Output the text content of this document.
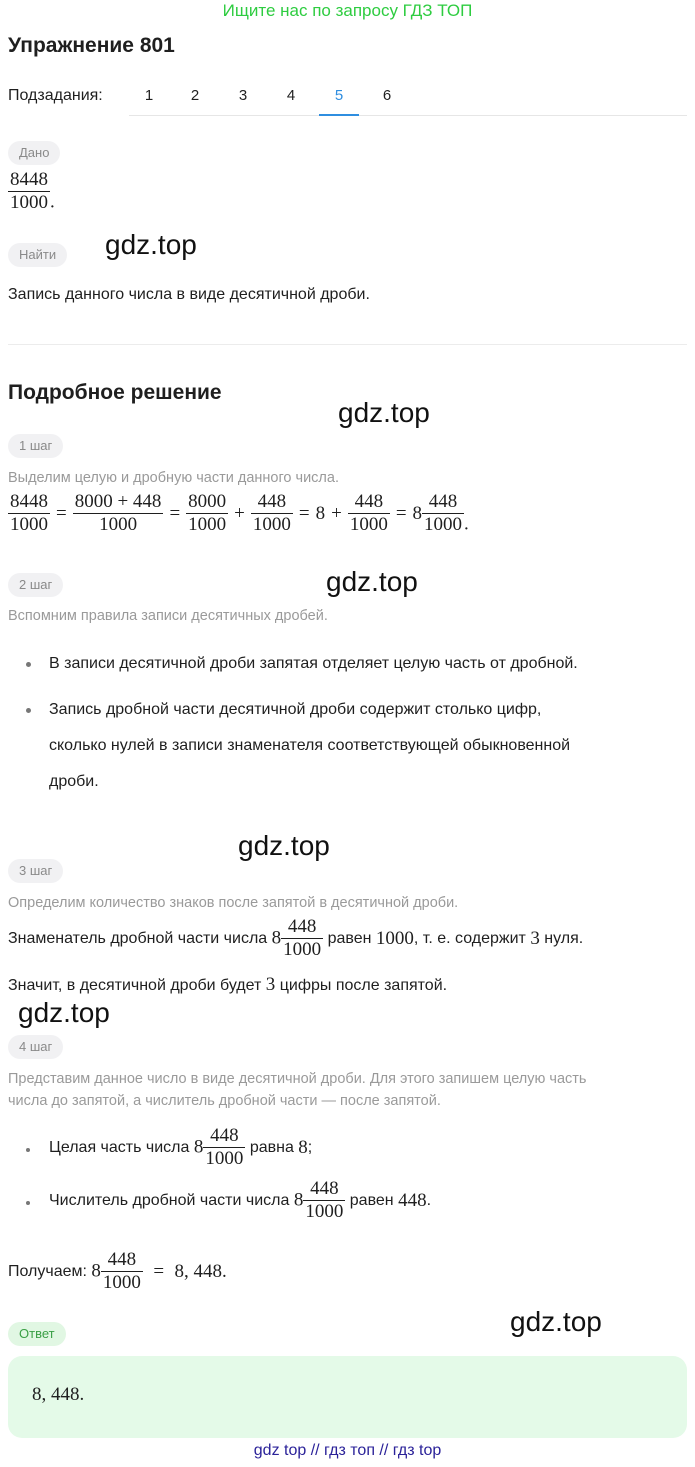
Ищите нас по запросу ГДЗ ТОП
Упражнение 801
Подзадания:	1	2	3	4	5	6
Дано
$\frac{8448}{1000}$ .
Найти	gdz.top
Запись данного числа в виде десятичной дроби.
Подробное решение
gdz.top
1 шаг
Выделим целую и дробную части данного числа.
$\frac{8448}{1000} = \frac{8000 + 448}{1000} = \frac{8000}{1000} + \frac{448}{1000} = 8 + \frac{448}{1000} = 8 \frac{448}{1000}$ .
gdz.top
2 шаг
Вспомним правила записи десятичных дробей.
В записи десятичной дроби запятая отделяет целую часть от дробной.
Запись дробной части десятичной дроби содержит столько цифр,
сколько нулей в записи знаменателя соответствующей обыкновенной
дроби.
gdz.top
3 шаг
Определим количество знаков после запятой в десятичной дроби.
Знаменатель дробной части числа $8 \frac{448}{1000}$ равен 1000, т. е. содержит 3 нуля.
Значит, в десятичной дроби будет 3 цифры после запятой.
gdz.top
4 шаг
Представим данное число в виде десятичной дроби. Для этого запишем целую часть
числа до запятой, а числитель дробной части — после запятой.
Целая часть числа $8 \frac{448}{1000}$ равна 8;
Числитель дробной части числа $8 \frac{448}{1000}$ равен 448.
Получаем: $8 \frac{448}{1000} = 8$, 448.
gdz.top
Ответ
8, 448.
gdz top // гдз топ // гдз top
